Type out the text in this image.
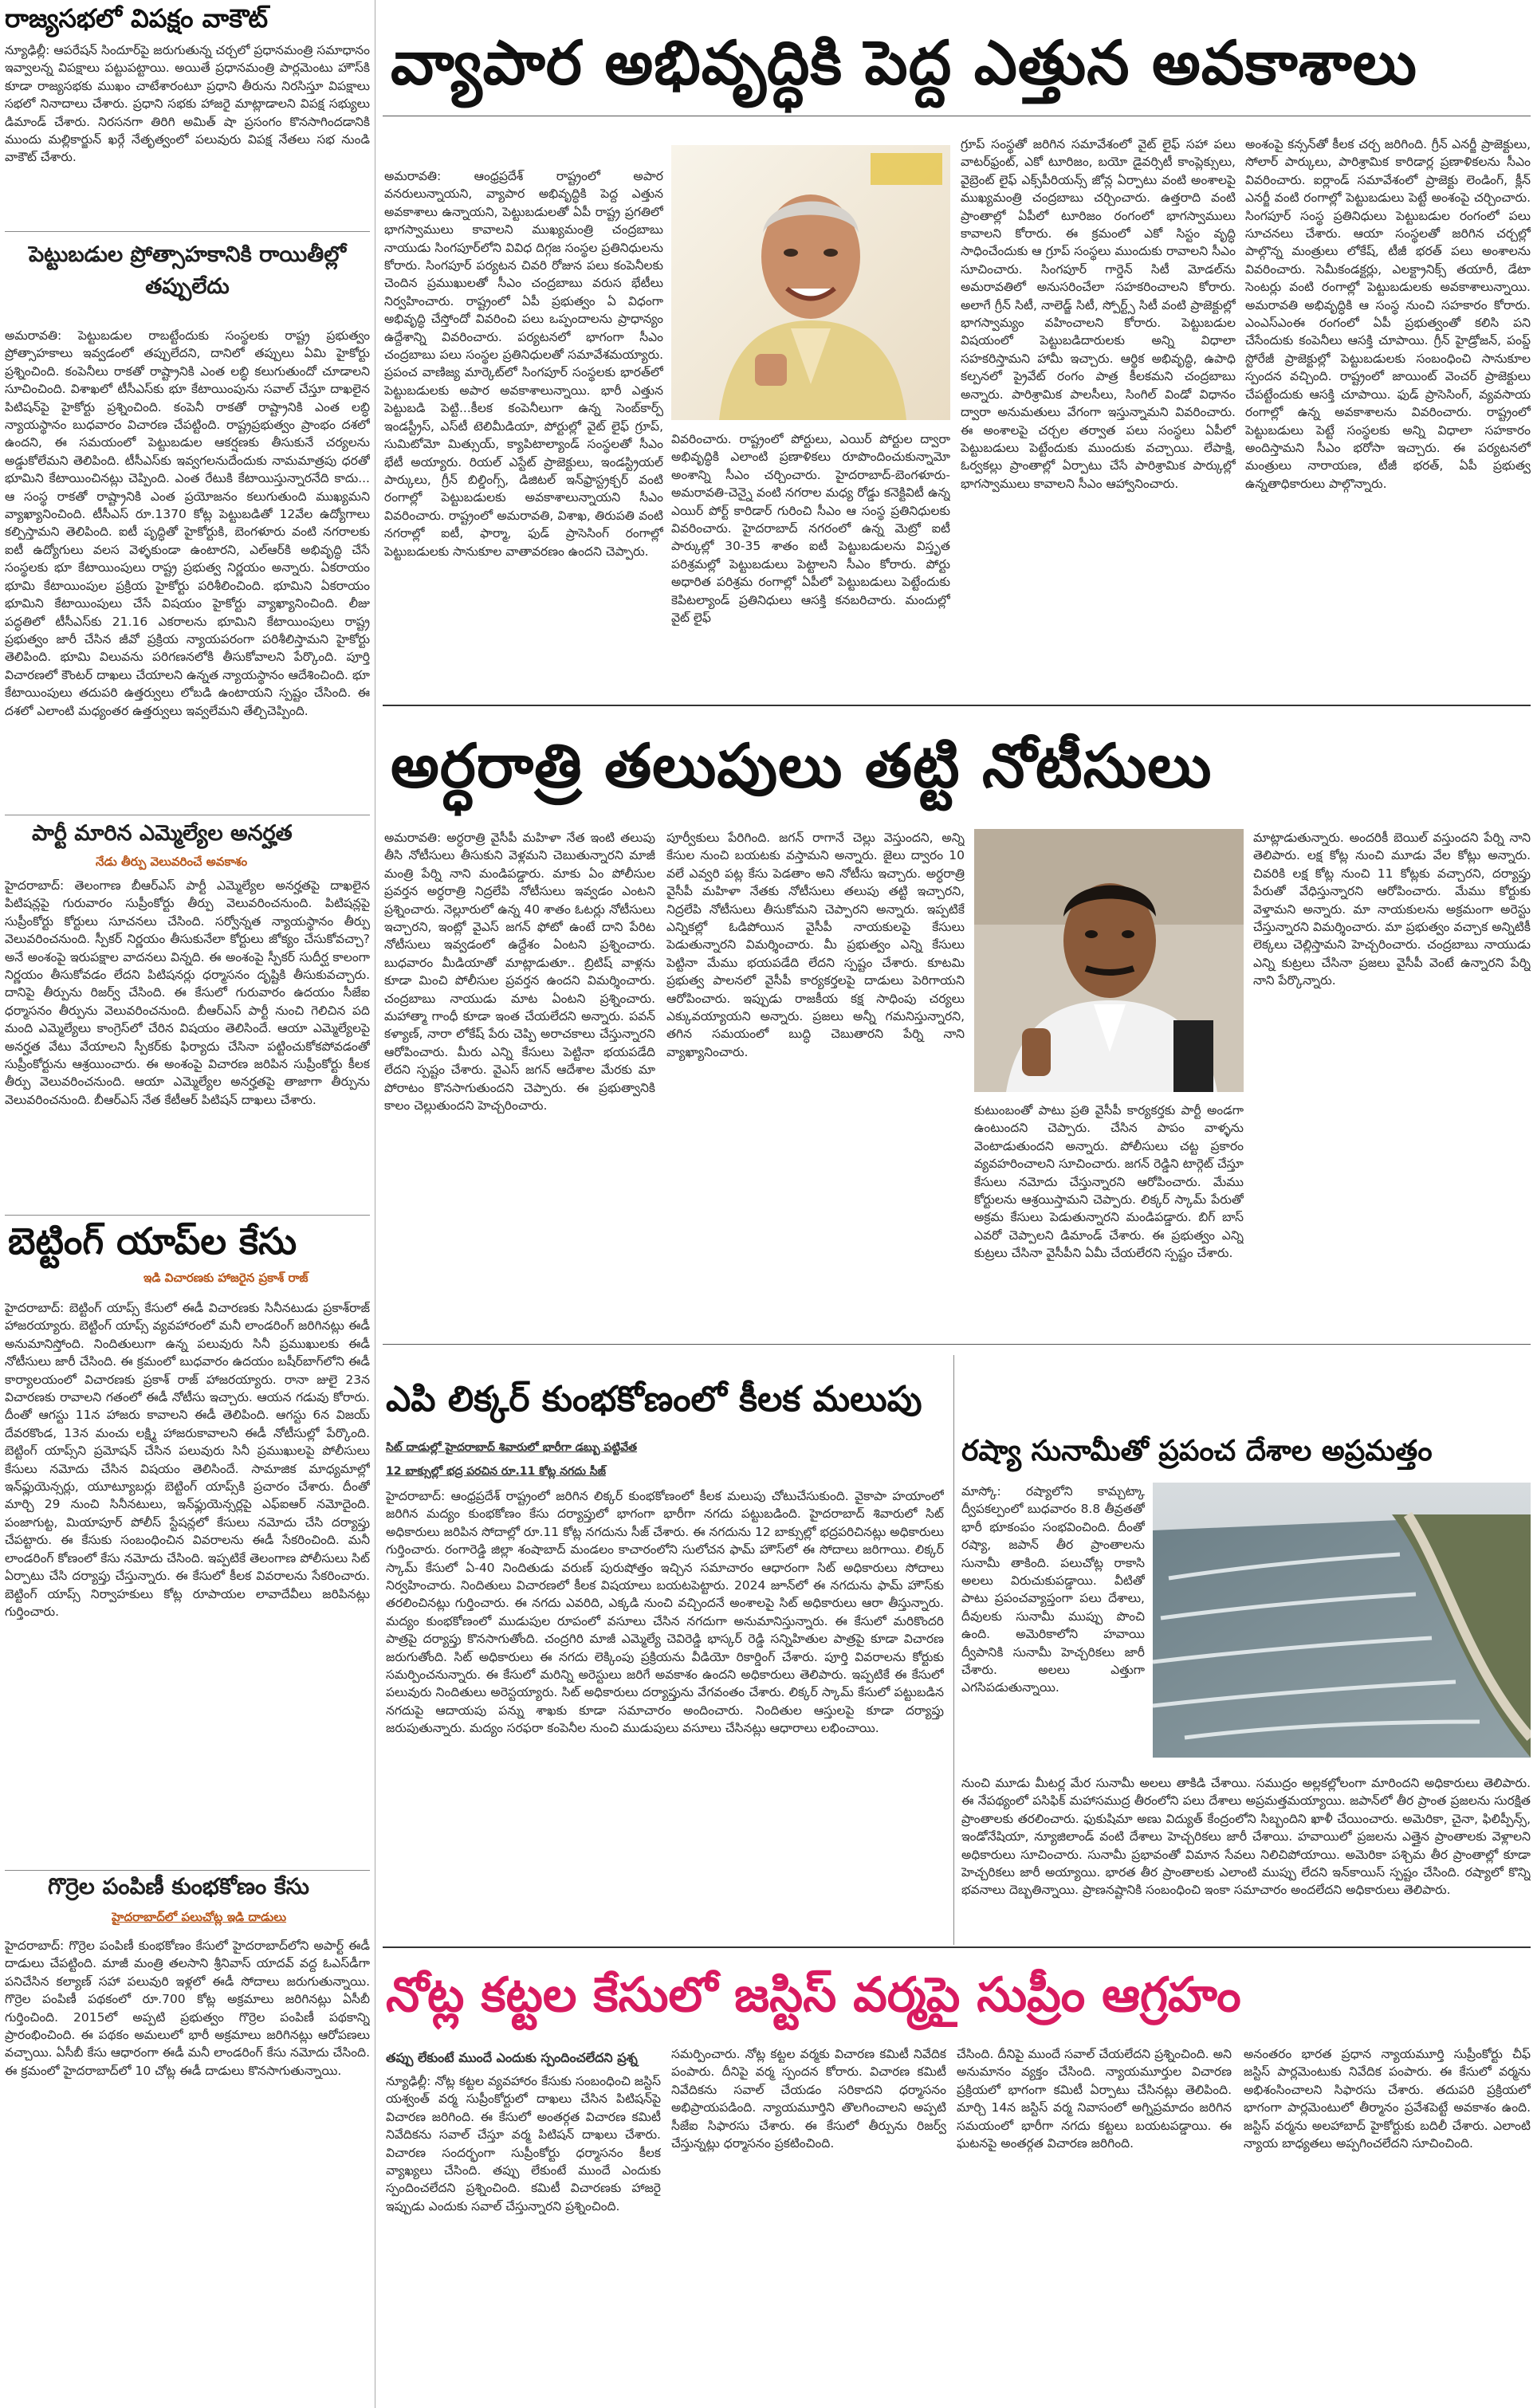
రాజ్యసభలో విపక్షం వాకౌట్
న్యూఢిల్లీ: ఆపరేషన్ సిందూర్‌పై జరుగుతున్న చర్చలో ప్రధానమంత్రి సమాధానం ఇవ్వాలన్న విపక్షాలు పట్టుపట్టాయి. అయితే ప్రధానమంత్రి పార్లమెంటు హౌస్‌కి కూడా రాజ్యసభకు ముఖం చాటేశారంటూ ప్రధాని తీరును నిరసిస్తూ విపక్షాలు సభలో నినాదాలు చేశారు. ప్రధాని సభకు హాజరై మాట్లాడాలని విపక్ష సభ్యులు డిమాండ్ చేశారు. నిరసనగా తిరిగి అమిత్ షా ప్రసంగం కొనసాగిందడానికి ముందు మల్లికార్జున్ ఖర్గే నేతృత్వంలో పలువురు విపక్ష నేతలు సభ నుండి వాకౌట్ చేశారు.
పెట్టుబడుల ప్రోత్సాహకానికి రాయితీల్లో తప్పులేదు
అమరావతి: పెట్టుబడుల రాబట్టేందుకు సంస్థలకు రాష్ట్ర ప్రభుత్వం ప్రోత్సాహకాలు ఇవ్వడంలో తప్పులేదని, దానిలో తప్పులు ఏమి హైకోర్టు ప్రశ్నించింది. కంపెనీలు రాకతో రాష్ట్రానికి ఎంత లబ్ధి కలుగుతుందో చూడాలని సూచించింది. విశాఖలో టీసీఎస్‌కు భూ కేటాయింపును సవాల్ చేస్తూ దాఖలైన పిటిషన్‌పై హైకోర్టు ప్రశ్నించింది. కంపెనీ రాకతో రాష్ట్రానికి ఎంత లబ్ధి న్యాయస్థానం బుధవారం విచారణ చేపట్టింది. రాష్ట్రప్రభుత్వం ప్రాంభం దశలో ఉందని, ఈ సమయంలో పెట్టుబడుల ఆకర్షణకు తీసుకునే చర్యలను అడ్డుకోలేమని తెలిపింది. టీసీఎస్‌కు ఇవ్వగలనుదేందుకు నామమాత్రపు ధరతో భూమిని కేటాయించినట్లు చెప్పింది. ఎంత రేటుకి కేటాయిస్తున్నారనేది కాదు... ఆ సంస్థ రాకతో రాష్ట్రానికి ఎంత ప్రయోజనం కలుగుతుంది ముఖ్యమని వ్యాఖ్యానించింది. టీసీఎస్ రూ.1370 కోట్ల పెట్టుబడితో 12వేల ఉద్యోగాలు కల్పిస్తామని తెలిపింది. ఐటీ పృద్ధితో హైకోర్టుకి, బెంగళూరు వంటి నగరాలకు ఐటీ ఉద్యోగులు వలస వెళ్ళకుండా ఉంటారని, ఎల్ఆర్‌కి అభివృద్ధి చేసే సంస్థలకు భూ కేటాయింపులు రాష్ట్ర ప్రభుత్వ నిర్ణయం అన్నారు. ఏకరాయం భూమి కేటాయింపుల ప్రక్రియ హైకోర్టు పరిశీలించింది. భూమిని ఏకరాయం భూమిని కేటాయింపులు చేసే విషయం హైకోర్టు వ్యాఖ్యానించింది. లీజు పద్ధతిలో టీసీఎస్‌కు 21.16 ఎకరాలను భూమిని కేటాయింపులు రాష్ట్ర ప్రభుత్వం జారీ చేసిన జీవో ప్రక్రియ న్యాయపరంగా పరిశీలిస్తామని హైకోర్టు తెలిపింది. భూమి విలువను పరిగణనలోకి తీసుకోవాలని పేర్కొంది. పూర్తి విచారణలో కౌంటర్ దాఖలు చేయాలని ఉన్నత న్యాయస్థానం ఆదేశించింది. భూ కేటాయింపులు తదుపరి ఉత్తర్వులు లోబడి ఉంటాయని స్పష్టం చేసింది. ఈ దశలో ఎలాంటి మధ్యంతర ఉత్తర్వులు ఇవ్వలేమని తేల్చిచెప్పింది.
పార్టీ మారిన ఎమ్మెల్యేల అనర్హత
నేడు తీర్పు వెలువరించే అవకాశం
హైదరాబాద్: తెలంగాణ బీఆర్ఎస్ పార్టీ ఎమ్మెల్యేల అనర్హతపై దాఖలైన పిటిషన్లపై గురువారం సుప్రీంకోర్టు తీర్పు వెలువరించనుంది. పిటిషన్లపై సుప్రీంకోర్టు కోర్టులు సూచనలు చేసింది. సర్వోన్నత న్యాయస్థానం తీర్పు వెలువరించనుంది. స్పీకర్ నిర్ణయం తీసుకునేలా కోర్టులు జోక్యం చేసుకోవచ్చా? అనే అంశంపై ఇరుపక్షాల వాదనలు విన్నది. ఈ అంశంపై స్పీకర్ సుదీర్ఘ కాలంగా నిర్ణయం తీసుకోవడం లేదని పిటిషనర్లు ధర్మాసనం దృష్టికి తీసుకువచ్చారు. దానిపై తీర్పును రిజర్వ్ చేసింది. ఈ కేసులో గురువారం ఉదయం సీజేఐ ధర్మాసనం తీర్పును వెలువరించనుంది. బీఆర్ఎస్ పార్టీ నుంచి గెలిచిన పది మంది ఎమ్మెల్యేలు కాంగ్రెస్‌లో చేరిన విషయం తెలిసిందే. ఆయా ఎమ్మెల్యేలపై అనర్హత వేటు వేయాలని స్పీకర్‌కు ఫిర్యాదు చేసినా పట్టించుకోకపోవడంతో సుప్రీంకోర్టును ఆశ్రయించారు. ఈ అంశంపై విచారణ జరిపిన సుప్రీంకోర్టు కీలక తీర్పు వెలువరించనుంది. ఆయా ఎమ్మెల్యేల అనర్హతపై తాజాగా తీర్పును వెలువరించనుంది. బీఆర్ఎస్ నేత కేటీఆర్ పిటిషన్ దాఖలు చేశారు.
బెట్టింగ్ యాప్‌ల కేసు
ఇడి విచారణకు హాజరైన ప్రకాశ్ రాజ్
హైదరాబాద్: బెట్టింగ్ యాప్స్ కేసులో ఈడీ విచారణకు సినీనటుడు ప్రకాశ్‌రాజ్ హాజరయ్యారు. బెట్టింగ్ యాప్స్ వ్యవహారంలో మనీ లాండరింగ్ జరిగినట్లు ఈడీ అనుమానిస్తోంది. నిందితులుగా ఉన్న పలువురు సినీ ప్రముఖులకు ఈడీ నోటీసులు జారీ చేసింది. ఈ క్రమంలో బుధవారం ఉదయం బషీర్‌బాగ్‌లోని ఈడీ కార్యాలయంలో విచారణకు ప్రకాశ్ రాజ్ హాజరయ్యారు. రానా జులై 23న విచారణకు రావాలని గతంలో ఈడీ నోటీసు ఇచ్చారు. ఆయన గడువు కోరారు. దీంతో ఆగస్టు 11న హాజరు కావాలని ఈడీ తెలిపింది. ఆగస్టు 6న విజయ్ దేవరకొండ, 13న మంచు లక్ష్మి హాజరుకావాలని ఈడీ నోటీసుల్లో పేర్కొంది. బెట్టింగ్ యాప్స్‌ని ప్రమోషన్ చేసిన పలువురు సినీ ప్రముఖులపై పోలీసులు కేసులు నమోదు చేసిన విషయం తెలిసిందే. సామాజిక మాధ్యమాల్లో ఇన్‌ఫ్లుయెన్సర్లు, యూట్యూబర్లు బెట్టింగ్ యాప్స్‌కి ప్రచారం చేశారు. దీంతో మార్చి 29 నుంచి సినీనటులు, ఇన్‌ఫ్లుయెన్సర్లపై ఎఫ్ఐఆర్ నమోదైంది. పంజాగుట్ట, మియాపూర్ పోలీస్ స్టేషన్లలో కేసులు నమోదు చేసి దర్యాప్తు చేపట్టారు. ఈ కేసుకు సంబంధించిన వివరాలను ఈడీ సేకరించింది. మనీ లాండరింగ్ కోణంలో కేసు నమోదు చేసింది. ఇప్పటికే తెలంగాణ పోలీసులు సిట్ ఏర్పాటు చేసి దర్యాప్తు చేస్తున్నారు. ఈ కేసులో కీలక వివరాలను సేకరించారు. బెట్టింగ్ యాప్స్ నిర్వాహకులు కోట్ల రూపాయల లావాదేవీలు జరిపినట్లు గుర్తించారు.
గొర్రెల పంపిణీ కుంభకోణం కేసు
హైదరాబాద్‌లో పలుచోట్ల ఇడి దాడులు
హైదరాబాద్: గొర్రెల పంపిణీ కుంభకోణం కేసులో హైదరాబాద్‌లోని అపార్ట్ ఈడీ దాడులు చేపట్టింది. మాజీ మంత్రి తలసాని శ్రీనివాస్ యాదవ్ వద్ద ఓఎస్‌డీగా పనిచేసిన కల్యాణ్ సహా పలువురి ఇళ్లలో ఈడీ సోదాలు జరుగుతున్నాయి. గొర్రెల పంపిణీ పథకంలో రూ.700 కోట్ల అక్రమాలు జరిగినట్లు ఏసీబీ గుర్తించింది. 2015లో అప్పటి ప్రభుత్వం గొర్రెల పంపిణీ పథకాన్ని ప్రారంభించింది. ఈ పథకం అమలులో భారీ అక్రమాలు జరిగినట్లు ఆరోపణలు వచ్చాయి. ఏసీబీ కేసు ఆధారంగా ఈడీ మనీ లాండరింగ్ కేసు నమోదు చేసింది. ఈ క్రమంలో హైదరాబాద్‌లో 10 చోట్ల ఈడీ దాడులు కొనసాగుతున్నాయి.
వ్యాపార అభివృద్ధికి పెద్ద ఎత్తున అవకాశాలు
అమరావతి: ఆంధ్రప్రదేశ్ రాష్ట్రంలో అపార వనరులున్నాయని, వ్యాపార అభివృద్ధికి పెద్ద ఎత్తున అవకాశాలు ఉన్నాయని, పెట్టుబడులతో ఏపీ రాష్ట్ర ప్రగతిలో భాగస్వాములు కావాలని ముఖ్యమంత్రి చంద్రబాబు నాయుడు సింగపూర్‌లోని వివిధ దిగ్గజ సంస్థల ప్రతినిధులను కోరారు. సింగపూర్ పర్యటన చివరి రోజున పలు కంపెనీలకు చెందిన ప్రముఖులతో సీఎం చంద్రబాబు వరుస భేటీలు నిర్వహించారు. రాష్ట్రంలో ఏపీ ప్రభుత్వం ఏ విధంగా అభివృద్ధి చేస్తోందో వివరించి పలు ఒప్పందాలను ప్రాధాన్యం ఉద్దేశాన్ని వివరించారు. పర్యటనలో భాగంగా సీఎం చంద్రబాబు పలు సంస్థల ప్రతినిధులతో సమావేశమయ్యారు. ప్రపంచ వాణిజ్య మార్కెట్‌లో సింగపూర్ సంస్థలకు భారత్‌లో పెట్టుబడులకు అపార అవకాశాలున్నాయి. భారీ ఎత్తున పెట్టుబడి పెట్టి...కీలక కంపెనీలుగా ఉన్న సెంబ్‌కార్ప్ ఇండస్ట్రీస్, ఎస్‌టీ టెలిమీడియా, పోర్టుల్లో వైట్ లైఫ్ గ్రూప్, సుమిటోమో మిత్సుయ్, క్యాపిటాల్యాండ్ సంస్థలతో సీఎం భేటీ అయ్యారు. రియల్ ఎస్టేట్ ప్రాజెక్టులు, ఇండస్ట్రియల్ పార్కులు, గ్రీన్ బిల్డింగ్స్, డిజిటల్ ఇన్‌ఫ్రాస్ట్రక్చర్ వంటి రంగాల్లో పెట్టుబడులకు అవకాశాలున్నాయని సీఎం వివరించారు. రాష్ట్రంలో అమరావతి, విశాఖ, తిరుపతి వంటి నగరాల్లో ఐటీ, ఫార్మా, ఫుడ్ ప్రాసెసింగ్ రంగాల్లో పెట్టుబడులకు సానుకూల వాతావరణం ఉందని చెప్పారు.
వివరించారు. రాష్ట్రంలో పోర్టులు, ఎయిర్ పోర్టుల ద్వారా అభివృద్ధికి ఎలాంటి ప్రణాళికలు రూపొందించుకున్నామో అంశాన్ని సీఎం చర్చించారు. హైదరాబాద్-బెంగళూరు-అమరావతి-చెన్నై వంటి నగరాల మధ్య రోడ్డు కనెక్టివిటీ ఉన్న ఎయిర్ పోర్ట్ కారిడార్ గురించి సీఎం ఆ సంస్థ ప్రతినిధులకు వివరించారు. హైదరాబాద్ నగరంలో ఉన్న మెట్రో ఐటీ పార్కుల్లో 30-35 శాతం ఐటీ పెట్టుబడులను విస్తృత పరిశ్రమల్లో పెట్టుబడులు పెట్టాలని సీఎం కోరారు. పోర్టు అధారిత పరిశ్రమ రంగాల్లో ఏపీలో పెట్టుబడులు పెట్టేందుకు కెపిటల్యాండ్ ప్రతినిధులు ఆసక్తి కనబరిచారు. మందుల్లో వైట్ లైఫ్
గ్రూప్ సంస్థతో జరిగిన సమావేశంలో వైట్ లైఫ్ సహా పలు వాటర్‌ఫ్రంట్, ఎకో టూరిజం, బయో డైవర్సిటీ కాంప్లెక్సులు, వైబ్రెంట్ లైఫ్ ఎక్స్‌పీరియన్స్ జోన్ల ఏర్పాటు వంటి అంశాలపై ముఖ్యమంత్రి చంద్రబాబు చర్చించారు. ఉత్తరాది వంటి ప్రాంతాల్లో ఏపీలో టూరిజం రంగంలో భాగస్వాములు కావాలని కోరారు. ఈ క్రమంలో ఎకో సిస్టం వృద్ధి సాధించేందుకు ఆ గ్రూప్ సంస్థలు ముందుకు రావాలని సీఎం సూచించారు. సింగపూర్ గార్డెన్ సిటీ మోడల్‌ను అమరావతిలో అనుసరించేలా సహకరించాలని కోరారు. అలాగే గ్రీన్ సిటీ, నాలెడ్జ్ సిటీ, స్పోర్ట్స్ సిటీ వంటి ప్రాజెక్టుల్లో భాగస్వామ్యం వహించాలని కోరారు. పెట్టుబడుల విషయంలో పెట్టుబడిదారులకు అన్ని విధాలా సహకరిస్తామని హామీ ఇచ్చారు. ఆర్థిక అభివృద్ధి, ఉపాధి కల్పనలో ప్రైవేట్ రంగం పాత్ర కీలకమని చంద్రబాబు అన్నారు. పారిశ్రామిక పాలసీలు, సింగిల్ విండో విధానం ద్వారా అనుమతులు వేగంగా ఇస్తున్నామని వివరించారు. ఈ అంశాలపై చర్చల తర్వాత పలు సంస్థలు ఏపీలో పెట్టుబడులు పెట్టేందుకు ముందుకు వచ్చాయి. లేపాక్షి, ఓర్వకల్లు ప్రాంతాల్లో ఏర్పాటు చేసే పారిశ్రామిక పార్కుల్లో భాగస్వాములు కావాలని సీఎం ఆహ్వానించారు.
అంశంపై కన్సన్‌తో కీలక చర్చ జరిగింది. గ్రీన్ ఎనర్జీ ప్రాజెక్టులు, సోలార్ పార్కులు, పారిశ్రామిక కారిడార్ల ప్రణాళికలను సీఎం వివరించారు. ఐర్లాండ్ సమావేశంలో ప్రాజెక్టు లెండింగ్, క్లీన్ ఎనర్జీ వంటి రంగాల్లో పెట్టుబడులు పెట్టే అంశంపై చర్చించారు. సింగపూర్ సంస్థ ప్రతినిధులు పెట్టుబడుల రంగంలో పలు సూచనలు చేశారు. ఆయా సంస్థలతో జరిగిన చర్చల్లో పాల్గొన్న మంత్రులు లోకేష్, టీజీ భరత్ పలు అంశాలను వివరించారు. సెమీకండక్టర్లు, ఎలక్ట్రానిక్స్ తయారీ, డేటా సెంటర్లు వంటి రంగాల్లో పెట్టుబడులకు అవకాశాలున్నాయి. అమరావతి అభివృద్ధికి ఆ సంస్థ నుంచి సహకారం కోరారు. ఎంఎస్ఎంఈ రంగంలో ఏపీ ప్రభుత్వంతో కలిసి పని చేసేందుకు కంపెనీలు ఆసక్తి చూపాయి. గ్రీన్ హైడ్రోజన్, పంప్డ్ స్టోరేజీ ప్రాజెక్టుల్లో పెట్టుబడులకు సంబంధించి సానుకూల స్పందన వచ్చింది. రాష్ట్రంలో జాయింట్ వెంచర్ ప్రాజెక్టులు చేపట్టేందుకు ఆసక్తి చూపాయి. ఫుడ్ ప్రాసెసింగ్, వ్యవసాయ రంగాల్లో ఉన్న అవకాశాలను వివరించారు. రాష్ట్రంలో పెట్టుబడులు పెట్టే సంస్థలకు అన్ని విధాలా సహకారం అందిస్తామని సీఎం భరోసా ఇచ్చారు. ఈ పర్యటనలో మంత్రులు నారాయణ, టీజీ భరత్, ఏపీ ప్రభుత్వ ఉన్నతాధికారులు పాల్గొన్నారు.
అర్ధరాత్రి తలుపులు తట్టి నోటీసులు
అమరావతి: అర్ధరాత్రి వైసీపీ మహిళా నేత ఇంటి తలుపు తీసి నోటీసులు తీసుకుని వెళ్లమని చెబుతున్నారని మాజీ మంత్రి పేర్ని నాని మండిపడ్డారు. మాకు ఏం పోలీసుల ప్రవర్తన అర్ధరాత్రి నిద్రలేపి నోటీసులు ఇవ్వడం ఎంటని ప్రశ్నించారు. నెల్లూరులో ఉన్న 40 శాతం ఓటర్లు నోటీసులు ఇచ్చారని, ఇంట్లో వైఎస్ జగన్ ఫోటో ఉంటే దాని పేరిట నోటీసులు ఇవ్వడంలో ఉద్దేశం ఏంటని ప్రశ్నించారు. బుధవారం మీడియాతో మాట్లాడుతూ.. బ్రిటిష్ వాళ్లను కూడా మించి పోలీసుల ప్రవర్తన ఉందని విమర్శించారు. చంద్రబాబు నాయుడు మాట ఏంటని ప్రశ్నించారు. మహాత్మా గాంధీ కూడా ఇంత చేయలేదని అన్నారు. పవన్ కళ్యాణ్, నారా లోకేష్ పేరు చెప్పి అరాచకాలు చేస్తున్నారని ఆరోపించారు. మీరు ఎన్ని కేసులు పెట్టినా భయపడేది లేదని స్పష్టం చేశారు. వైఎస్ జగన్ ఆదేశాల మేరకు మా పోరాటం కొనసాగుతుందని చెప్పారు. ఈ ప్రభుత్వానికి కాలం చెల్లుతుందని హెచ్చరించారు.
పూర్వీకులు పేరిగింది. జగన్ రాగానే చెల్లు వెస్తుందని, అన్ని కేసుల నుంచి బయటకు వస్తామని అన్నారు. జైలు ద్వారం 10 వలే ఎవ్వరి పట్ల కేసు పెడతాం అని నోటీసు ఇచ్చారు. అర్ధరాత్రి వైసీపీ మహిళా నేతకు నోటీసులు తలుపు తట్టి ఇచ్చారని, నిద్రలేపి నోటీసులు తీసుకోమని చెప్పారని అన్నారు. ఇప్పటికే ఎన్నికల్లో ఓడిపోయిన వైసీపీ నాయకులపై కేసులు పెడుతున్నారని విమర్శించారు. మీ ప్రభుత్వం ఎన్ని కేసులు పెట్టినా మేము భయపడేది లేదని స్పష్టం చేశారు. కూటమి ప్రభుత్వ పాలనలో వైసీపీ కార్యకర్తలపై దాడులు పెరిగాయని ఆరోపించారు. ఇప్పుడు రాజకీయ కక్ష సాధింపు చర్యలు ఎక్కువయ్యాయని అన్నారు. ప్రజలు అన్నీ గమనిస్తున్నారని, తగిన సమయంలో బుద్ధి చెబుతారని పేర్ని నాని వ్యాఖ్యానించారు.
కుటుంబంతో పాటు ప్రతి వైసీపీ కార్యకర్తకు పార్టీ అండగా ఉంటుందని చెప్పారు. చేసిన పాపం వాళ్ళను వెంటాడుతుందని అన్నారు. పోలీసులు చట్ట ప్రకారం వ్యవహరించాలని సూచించారు. జగన్ రెడ్డిని టార్గెట్ చేస్తూ కేసులు నమోదు చేస్తున్నారని ఆరోపించారు. మేము కోర్టులను ఆశ్రయిస్తామని చెప్పారు. లిక్కర్ స్కామ్ పేరుతో అక్రమ కేసులు పెడుతున్నారని మండిపడ్డారు. బిగ్ బాస్ ఎవరో చెప్పాలని డిమాండ్ చేశారు. ఈ ప్రభుత్వం ఎన్ని కుట్రలు చేసినా వైసీపీని ఏమీ చేయలేరని స్పష్టం చేశారు.
మాట్లాడుతున్నారు. అందరికీ బెయిల్ వస్తుందని పేర్ని నాని తెలిపారు. లక్ష కోట్ల నుంచి మూడు వేల కోట్లు అన్నారు. చివరికి లక్ష కోట్ల నుంచి 11 కోట్లకు వచ్చారని, దర్యాప్తు పేరుతో వేధిస్తున్నారని ఆరోపించారు. మేము కోర్టుకు వెళ్తామని అన్నారు. మా నాయకులను అక్రమంగా అరెస్టు చేస్తున్నారని విమర్శించారు. మా ప్రభుత్వం వచ్చాక అన్నిటికీ లెక్కలు చెల్లిస్తామని హెచ్చరించారు. చంద్రబాబు నాయుడు ఎన్ని కుట్రలు చేసినా ప్రజలు వైసీపీ వెంటే ఉన్నారని పేర్ని నాని పేర్కొన్నారు.
ఎపి లిక్కర్ కుంభకోణంలో కీలక మలుపు
సిట్ దాడుల్లో హైదరాబాద్ శివారులో భారీగా డబ్బు పట్టివేత
12 బాక్సుల్లో భద్ర పరచిన రూ.11 కోట్ల నగదు సీజ్
హైదరాబాద్: ఆంధ్రప్రదేశ్ రాష్ట్రంలో జరిగిన లిక్కర్ కుంభకోణంలో కీలక మలుపు చోటుచేసుకుంది. వైకాపా హయాంలో జరిగిన మద్యం కుంభకోణం కేసు దర్యాప్తులో భాగంగా భారీగా నగదు పట్టుబడింది. హైదరాబాద్ శివారులో సిట్ అధికారులు జరిపిన సోదాల్లో రూ.11 కోట్ల నగదును సీజ్ చేశారు. ఈ నగదును 12 బాక్సుల్లో భద్రపరిచినట్లు అధికారులు గుర్తించారు. రంగారెడ్డి జిల్లా శంషాబాద్ మండలం కాచారంలోని సులోచన ఫామ్ హౌస్‌లో ఈ సోదాలు జరిగాయి. లిక్కర్ స్కామ్ కేసులో ఏ-40 నిందితుడు వరుణ్ పురుషోత్తం ఇచ్చిన సమాచారం ఆధారంగా సిట్ అధికారులు సోదాలు నిర్వహించారు. నిందితులు విచారణలో కీలక విషయాలు బయటపెట్టారు. 2024 జూన్‌లో ఈ నగదును ఫామ్ హౌస్‌కు తరలించినట్లు గుర్తించారు. ఈ నగదు ఎవరిది, ఎక్కడి నుంచి వచ్చిందనే అంశాలపై సిట్ అధికారులు ఆరా తీస్తున్నారు. మద్యం కుంభకోణంలో ముడుపుల రూపంలో వసూలు చేసిన నగదుగా అనుమానిస్తున్నారు. ఈ కేసులో మరికొందరి పాత్రపై దర్యాప్తు కొనసాగుతోంది. చంద్రగిరి మాజీ ఎమ్మెల్యే చెవిరెడ్డి భాస్కర్ రెడ్డి సన్నిహితుల పాత్రపై కూడా విచారణ జరుగుతోంది. సిట్ అధికారులు ఈ నగదు లెక్కింపు ప్రక్రియను వీడియో రికార్డింగ్ చేశారు. పూర్తి వివరాలను కోర్టుకు సమర్పించనున్నారు. ఈ కేసులో మరిన్ని అరెస్టులు జరిగే అవకాశం ఉందని అధికారులు తెలిపారు. ఇప్పటికే ఈ కేసులో పలువురు నిందితులు అరెస్టయ్యారు. సిట్ అధికారులు దర్యాప్తును వేగవంతం చేశారు. లిక్కర్ స్కామ్ కేసులో పట్టుబడిన నగదుపై ఆదాయపు పన్ను శాఖకు కూడా సమాచారం అందించారు. నిందితుల ఆస్తులపై కూడా దర్యాప్తు జరుపుతున్నారు. మద్యం సరఫరా కంపెనీల నుంచి ముడుపులు వసూలు చేసినట్లు ఆధారాలు లభించాయి.
రష్యా సునామీతో ప్రపంచ దేశాల అప్రమత్తం
మాస్కో: రష్యాలోని కామ్చట్కా ద్వీపకల్పంలో బుధవారం 8.8 తీవ్రతతో భారీ భూకంపం సంభవించింది. దీంతో రష్యా, జపాన్ తీర ప్రాంతాలను సునామీ తాకింది. పలుచోట్ల రాకాసి అలలు విరుచుకుపడ్డాయి. వీటితో పాటు ప్రపంచవ్యాప్తంగా పలు దేశాలు, దీవులకు సునామీ ముప్పు పొంచి ఉంది. అమెరికాలోని హవాయి ద్వీపానికి సునామీ హెచ్చరికలు జారీ చేశారు. అలలు ఎత్తుగా ఎగసిపడుతున్నాయి.
నుంచి మూడు మీటర్ల మేర సునామీ అలలు తాకిడి చేశాయి. సముద్రం అల్లకల్లోలంగా మారిందని అధికారులు తెలిపారు. ఈ నేపథ్యంలో పసిఫిక్ మహాసముద్ర తీరంలోని పలు దేశాలు అప్రమత్తమయ్యాయి. జపాన్‌లో తీర ప్రాంత ప్రజలను సురక్షిత ప్రాంతాలకు తరలించారు. ఫుకుషిమా అణు విద్యుత్ కేంద్రంలోని సిబ్బందిని ఖాళీ చేయించారు. అమెరికా, చైనా, ఫిలిప్పీన్స్, ఇండోనేషియా, న్యూజిలాండ్ వంటి దేశాలు హెచ్చరికలు జారీ చేశాయి. హవాయిలో ప్రజలను ఎత్తైన ప్రాంతాలకు వెళ్లాలని అధికారులు సూచించారు. సునామీ ప్రభావంతో విమాన సేవలు నిలిచిపోయాయి. అమెరికా పశ్చిమ తీర ప్రాంతాల్లో కూడా హెచ్చరికలు జారీ అయ్యాయి. భారత తీర ప్రాంతాలకు ఎలాంటి ముప్పు లేదని ఇన్‌కాయిస్ స్పష్టం చేసింది. రష్యాలో కొన్ని భవనాలు దెబ్బతిన్నాయి. ప్రాణనష్టానికి సంబంధించి ఇంకా సమాచారం అందలేదని అధికారులు తెలిపారు.
నోట్ల కట్టల కేసులో జస్టిస్ వర్మపై సుప్రీం ఆగ్రహం
తప్పు లేకుంటే ముందే ఎందుకు స్పందించలేదని ప్రశ్న
న్యూఢిల్లీ: నోట్ల కట్టల వ్యవహారం కేసుకు సంబంధించి జస్టిస్ యశ్వంత్ వర్మ సుప్రీంకోర్టులో దాఖలు చేసిన పిటిషన్‌పై విచారణ జరిగింది. ఈ కేసులో అంతర్గత విచారణ కమిటీ నివేదికను సవాల్ చేస్తూ వర్మ పిటిషన్ దాఖలు చేశారు. విచారణ సందర్భంగా సుప్రీంకోర్టు ధర్మాసనం కీలక వ్యాఖ్యలు చేసింది. తప్పు లేకుంటే ముందే ఎందుకు స్పందించలేదని ప్రశ్నించింది. కమిటీ విచారణకు హాజరై ఇప్పుడు ఎందుకు సవాల్ చేస్తున్నారని ప్రశ్నించింది.
సమర్పించారు. నోట్ల కట్టల వర్మకు విచారణ కమిటీ నివేదిక పంపారు. దీనిపై వర్మ స్పందన కోరారు. విచారణ కమిటీ నివేదికను సవాల్ చేయడం సరికాదని ధర్మాసనం అభిప్రాయపడింది. న్యాయమూర్తిని తొలగించాలని అప్పటి సీజేఐ సిఫారసు చేశారు. ఈ కేసులో తీర్పును రిజర్వ్ చేస్తున్నట్లు ధర్మాసనం ప్రకటించింది.
చేసింది. దీనిపై ముందే సవాల్ చేయలేదని ప్రశ్నించింది. అని అనుమానం వ్యక్తం చేసింది. న్యాయమూర్తుల విచారణ ప్రక్రియలో భాగంగా కమిటీ ఏర్పాటు చేసినట్లు తెలిపింది. మార్చి 14న జస్టిస్ వర్మ నివాసంలో అగ్నిప్రమాదం జరిగిన సమయంలో భారీగా నగదు కట్టలు బయటపడ్డాయి. ఈ ఘటనపై అంతర్గత విచారణ జరిగింది.
అనంతరం భారత ప్రధాన న్యాయమూర్తి సుప్రీంకోర్టు చీఫ్ జస్టిస్ పార్లమెంటుకు నివేదిక పంపారు. ఈ కేసులో వర్మను అభిశంసించాలని సిఫారసు చేశారు. తదుపరి ప్రక్రియలో భాగంగా పార్లమెంటులో తీర్మానం ప్రవేశపెట్టే అవకాశం ఉంది. జస్టిస్ వర్మను అలహాబాద్ హైకోర్టుకు బదిలీ చేశారు. ఎలాంటి న్యాయ బాధ్యతలు అప్పగించలేదని సూచించింది.
